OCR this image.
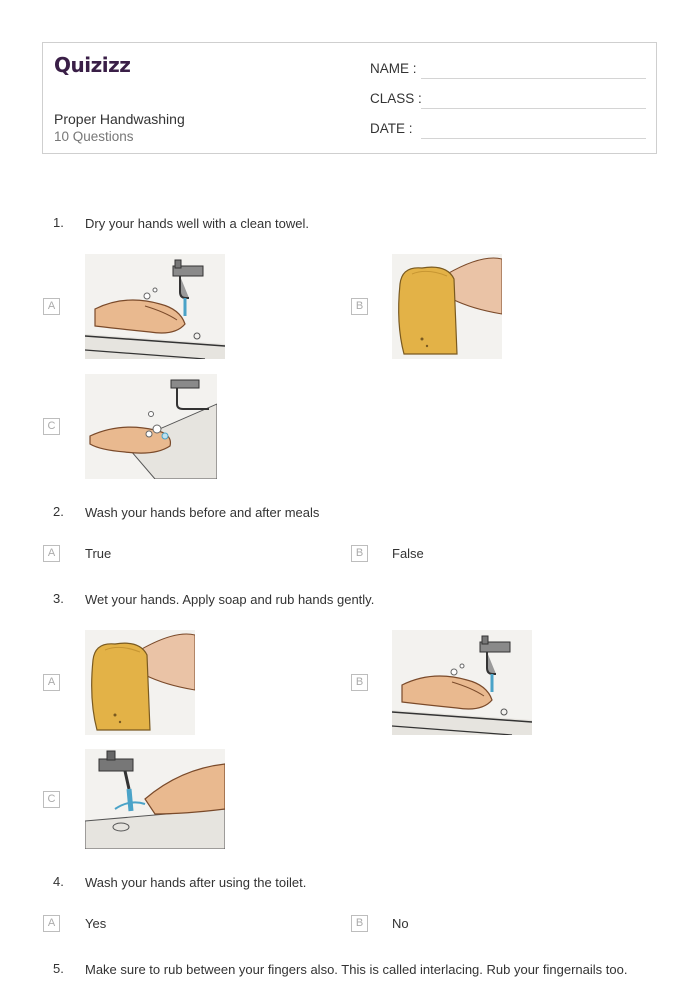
Quizizz
Proper Handwashing
10 Questions
NAME :
CLASS :
DATE :
1. Dry your hands well with a clean towel.
A	B
C
2. Wash your hands before and after meals
A	True	B	False
3. Wet your hands. Apply soap and rub hands gently.
A	B
C
4. Wash your hands after using the toilet.
A	Yes	B	No
5. Make sure to rub between your fingers also. This is called interlacing. Rub your fingernails too.
